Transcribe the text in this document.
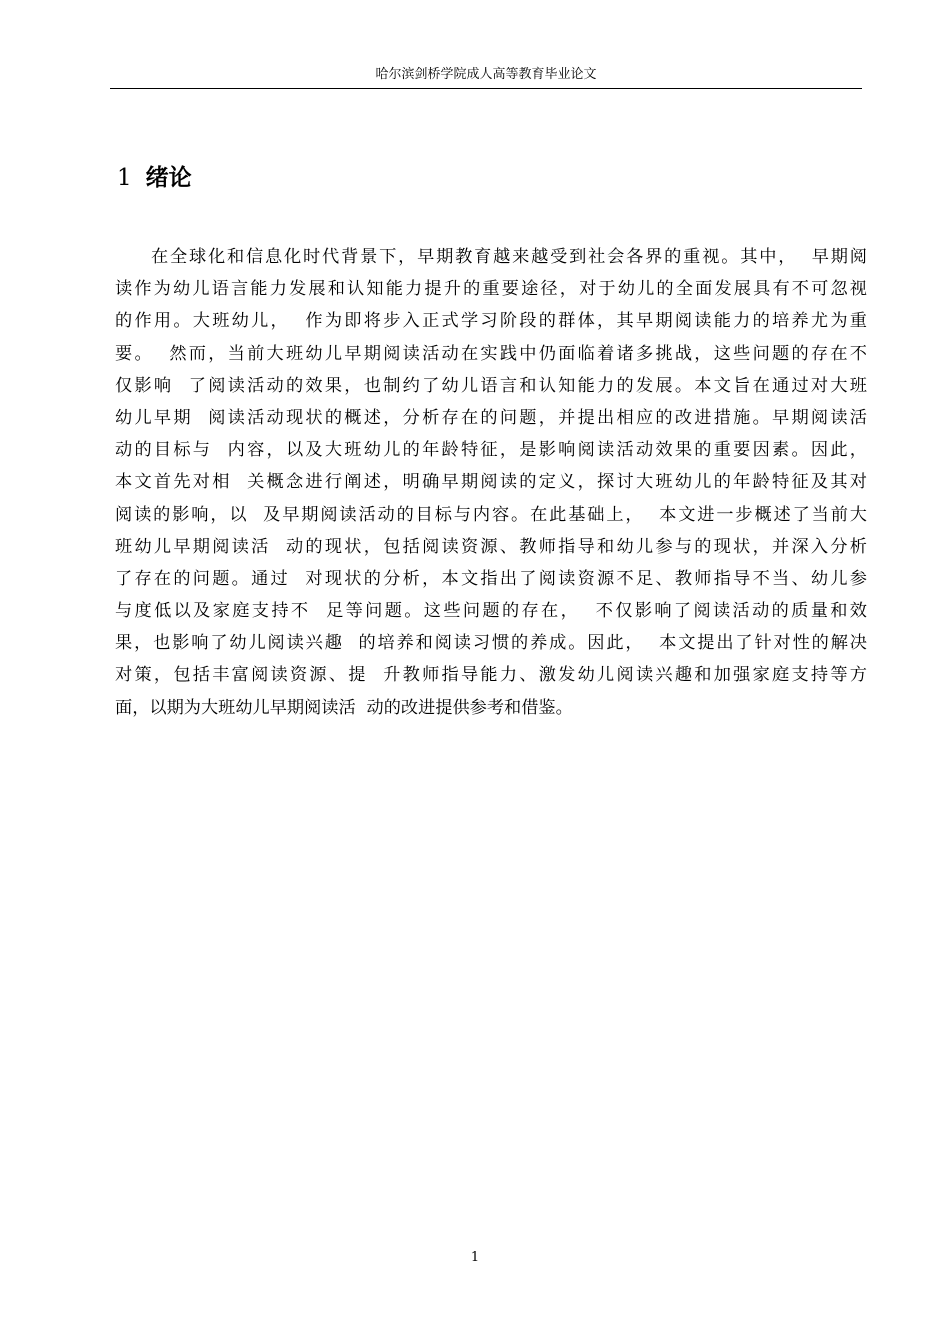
哈尔滨剑桥学院成人高等教育毕业论文
1 绪论
在全球化和信息化时代背景下，早期教育越来越受到社会各界的重视。其中，  早期阅
读作为幼儿语言能力发展和认知能力提升的重要途径，对于幼儿的全面发展具有不可忽视
的作用。大班幼儿，  作为即将步入正式学习阶段的群体，其早期阅读能力的培养尤为重
要。  然而，当前大班幼儿早期阅读活动在实践中仍面临着诸多挑战，这些问题的存在不
仅影响  了阅读活动的效果，也制约了幼儿语言和认知能力的发展。本文旨在通过对大班
幼儿早期  阅读活动现状的概述，分析存在的问题，并提出相应的改进措施。早期阅读活
动的目标与  内容，以及大班幼儿的年龄特征，是影响阅读活动效果的重要因素。因此，
本文首先对相  关概念进行阐述，明确早期阅读的定义，探讨大班幼儿的年龄特征及其对
阅读的影响，以  及早期阅读活动的目标与内容。在此基础上，  本文进一步概述了当前大
班幼儿早期阅读活  动的现状，包括阅读资源、教师指导和幼儿参与的现状，并深入分析
了存在的问题。通过  对现状的分析，本文指出了阅读资源不足、教师指导不当、幼儿参
与度低以及家庭支持不  足等问题。这些问题的存在，  不仅影响了阅读活动的质量和效
果，也影响了幼儿阅读兴趣  的培养和阅读习惯的养成。因此，  本文提出了针对性的解决
对策，包括丰富阅读资源、提  升教师指导能力、激发幼儿阅读兴趣和加强家庭支持等方
面，以期为大班幼儿早期阅读活  动的改进提供参考和借鉴。
1
